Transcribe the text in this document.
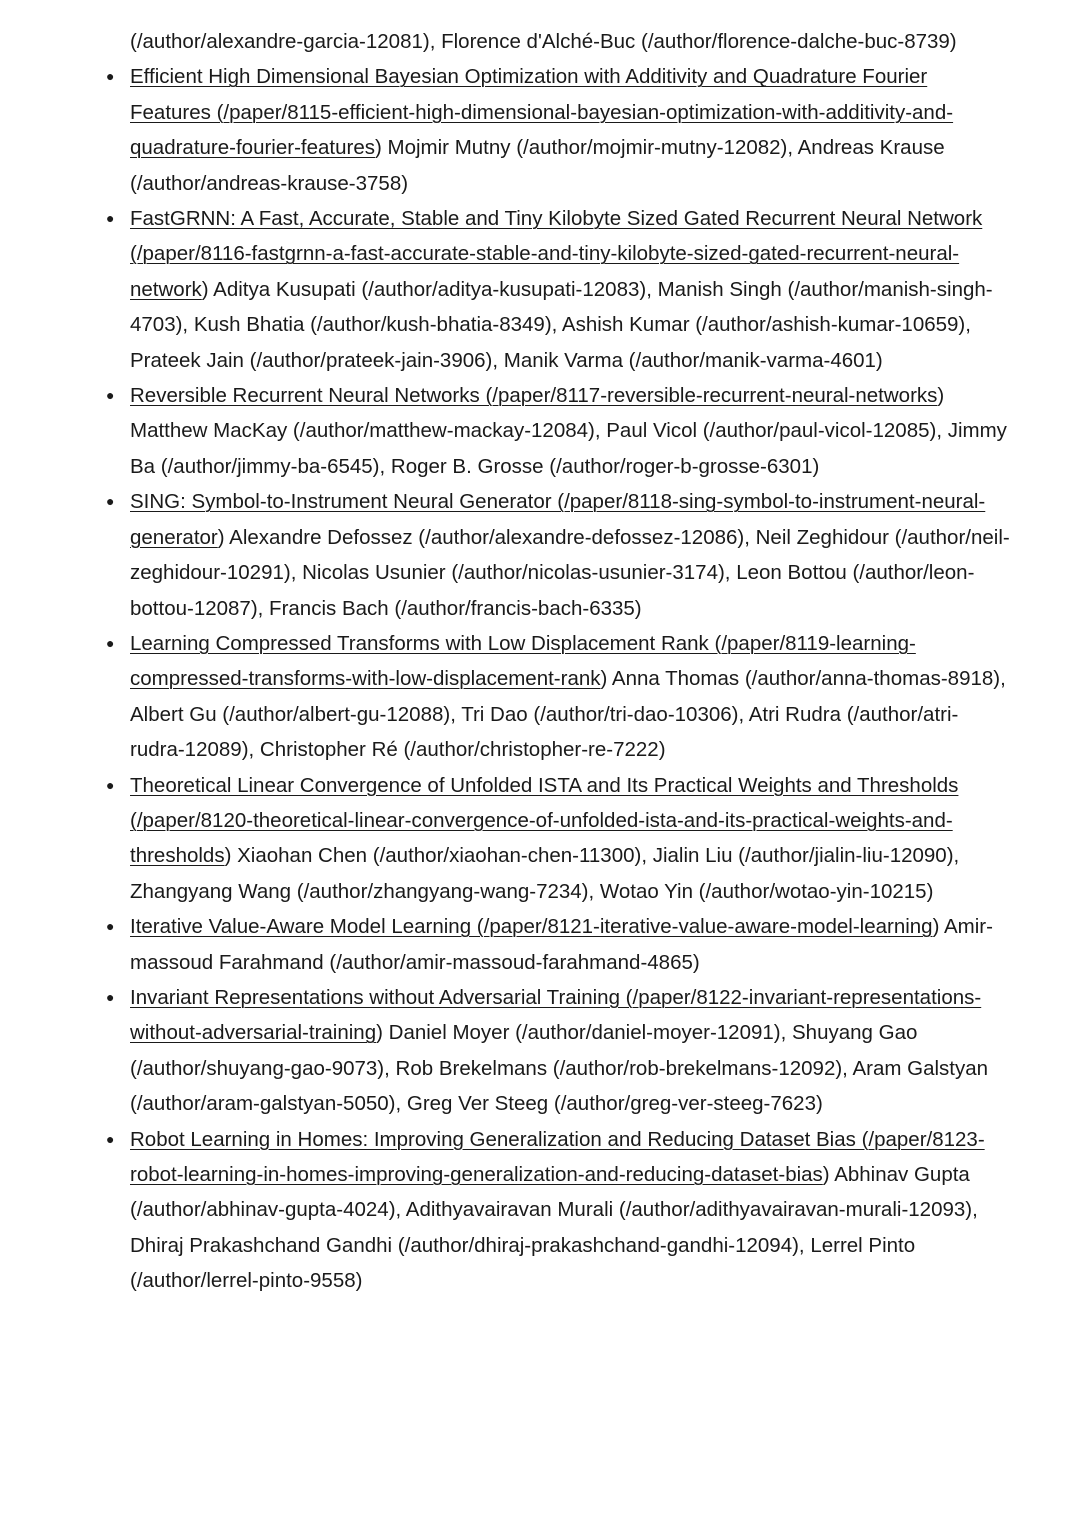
(/author/alexandre-garcia-12081), Florence d'Alché-Buc (/author/florence-dalche-buc-8739)

● Efficient High Dimensional Bayesian Optimization with Additivity and Quadrature Fourier Features (/paper/8115-efficient-high-dimensional-bayesian-optimization-with-additivity-and-quadrature-fourier-features) Mojmir Mutny (/author/mojmir-mutny-12082), Andreas Krause (/author/andreas-krause-3758)
● FastGRNN: A Fast, Accurate, Stable and Tiny Kilobyte Sized Gated Recurrent Neural Network (/paper/8116-fastgrnn-a-fast-accurate-stable-and-tiny-kilobyte-sized-gated-recurrent-neural-network) Aditya Kusupati (/author/aditya-kusupati-12083), Manish Singh (/author/manish-singh-4703), Kush Bhatia (/author/kush-bhatia-8349), Ashish Kumar (/author/ashish-kumar-10659), Prateek Jain (/author/prateek-jain-3906), Manik Varma (/author/manik-varma-4601)
● Reversible Recurrent Neural Networks (/paper/8117-reversible-recurrent-neural-networks) Matthew MacKay (/author/matthew-mackay-12084), Paul Vicol (/author/paul-vicol-12085), Jimmy Ba (/author/jimmy-ba-6545), Roger B. Grosse (/author/roger-b-grosse-6301)
● SING: Symbol-to-Instrument Neural Generator (/paper/8118-sing-symbol-to-instrument-neural-generator) Alexandre Defossez (/author/alexandre-defossez-12086), Neil Zeghidour (/author/neil-zeghidour-10291), Nicolas Usunier (/author/nicolas-usunier-3174), Leon Bottou (/author/leon-bottou-12087), Francis Bach (/author/francis-bach-6335)
● Learning Compressed Transforms with Low Displacement Rank (/paper/8119-learning-compressed-transforms-with-low-displacement-rank) Anna Thomas (/author/anna-thomas-8918), Albert Gu (/author/albert-gu-12088), Tri Dao (/author/tri-dao-10306), Atri Rudra (/author/atri-rudra-12089), Christopher Ré (/author/christopher-re-7222)
● Theoretical Linear Convergence of Unfolded ISTA and Its Practical Weights and Thresholds (/paper/8120-theoretical-linear-convergence-of-unfolded-ista-and-its-practical-weights-and-thresholds) Xiaohan Chen (/author/xiaohan-chen-11300), Jialin Liu (/author/jialin-liu-12090), Zhangyang Wang (/author/zhangyang-wang-7234), Wotao Yin (/author/wotao-yin-10215)
● Iterative Value-Aware Model Learning (/paper/8121-iterative-value-aware-model-learning) Amir-massoud Farahmand (/author/amir-massoud-farahmand-4865)
● Invariant Representations without Adversarial Training (/paper/8122-invariant-representations-without-adversarial-training) Daniel Moyer (/author/daniel-moyer-12091), Shuyang Gao (/author/shuyang-gao-9073), Rob Brekelmans (/author/rob-brekelmans-12092), Aram Galstyan (/author/aram-galstyan-5050), Greg Ver Steeg (/author/greg-ver-steeg-7623)
● Robot Learning in Homes: Improving Generalization and Reducing Dataset Bias (/paper/8123-robot-learning-in-homes-improving-generalization-and-reducing-dataset-bias) Abhinav Gupta (/author/abhinav-gupta-4024), Adithyavairavan Murali (/author/adithyavairavan-murali-12093), Dhiraj Prakashchand Gandhi (/author/dhiraj-prakashchand-gandhi-12094), Lerrel Pinto (/author/lerrel-pinto-9558)
